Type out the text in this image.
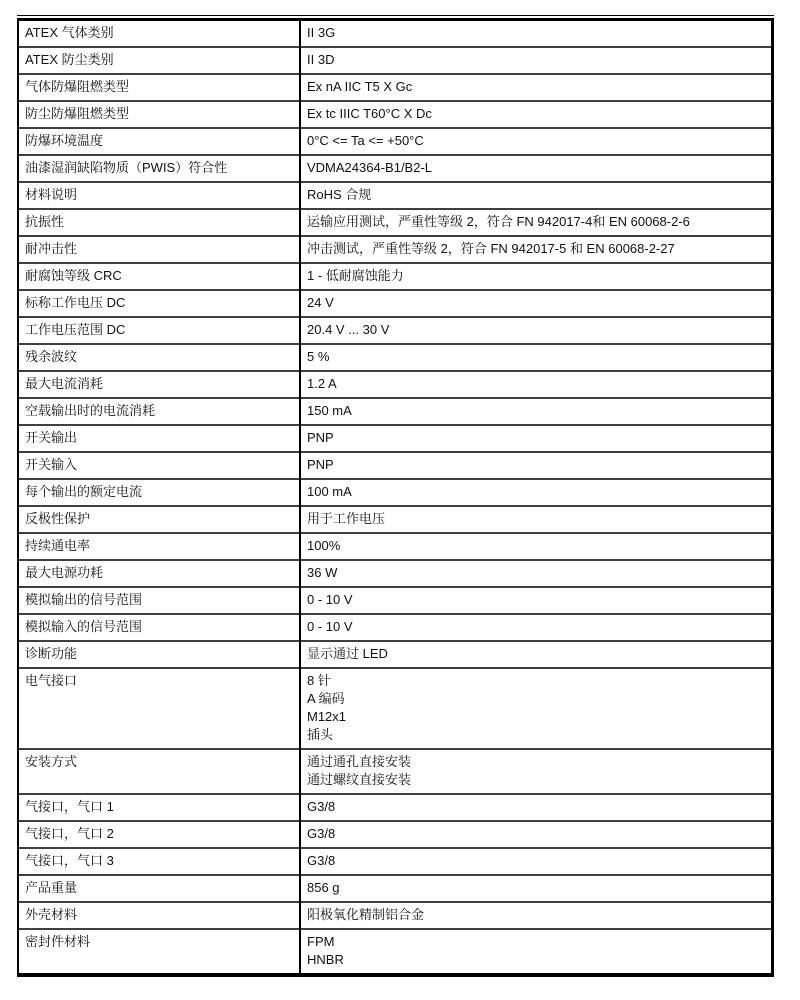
ATEX 气体类别	II 3G

ATEX 防尘类别	II 3D

气体防爆阻燃类型	Ex nA IIC T5 X Gc

防尘防爆阻燃类型	Ex tc IIIC T60°C X Dc

防爆环境温度	0°C <= Ta <= +50°C

油漆湿润缺陷物质（PWIS）符合性	VDMA24364-B1/B2-L

材料说明	RoHS 合规

抗振性	运输应用测试，严重性等级 2，符合 FN 942017-4和 EN 60068-2-6

耐冲击性	冲击测试，严重性等级 2，符合 FN 942017-5 和 EN 60068-2-27

耐腐蚀等级 CRC	1 - 低耐腐蚀能力

标称工作电压 DC	24 V

工作电压范围 DC	20.4 V ... 30 V

残余波纹	5 %

最大电流消耗	1.2 A

空载输出时的电流消耗	150 mA

开关输出	PNP

开关输入	PNP

每个输出的额定电流	100 mA

反极性保护	用于工作电压

持续通电率	100%

最大电源功耗	36 W

模拟输出的信号范围	0 - 10 V

模拟输入的信号范围	0 - 10 V

诊断功能	显示通过 LED

电气接口	8 针
A 编码
M12x1
插头

安装方式	通过通孔直接安装
通过螺纹直接安装

气接口，气口 1	G3/8

气接口，气口 2	G3/8

气接口，气口 3	G3/8

产品重量	856 g

外壳材料	阳极氧化精制铝合金

密封件材料	FPM
HNBR
